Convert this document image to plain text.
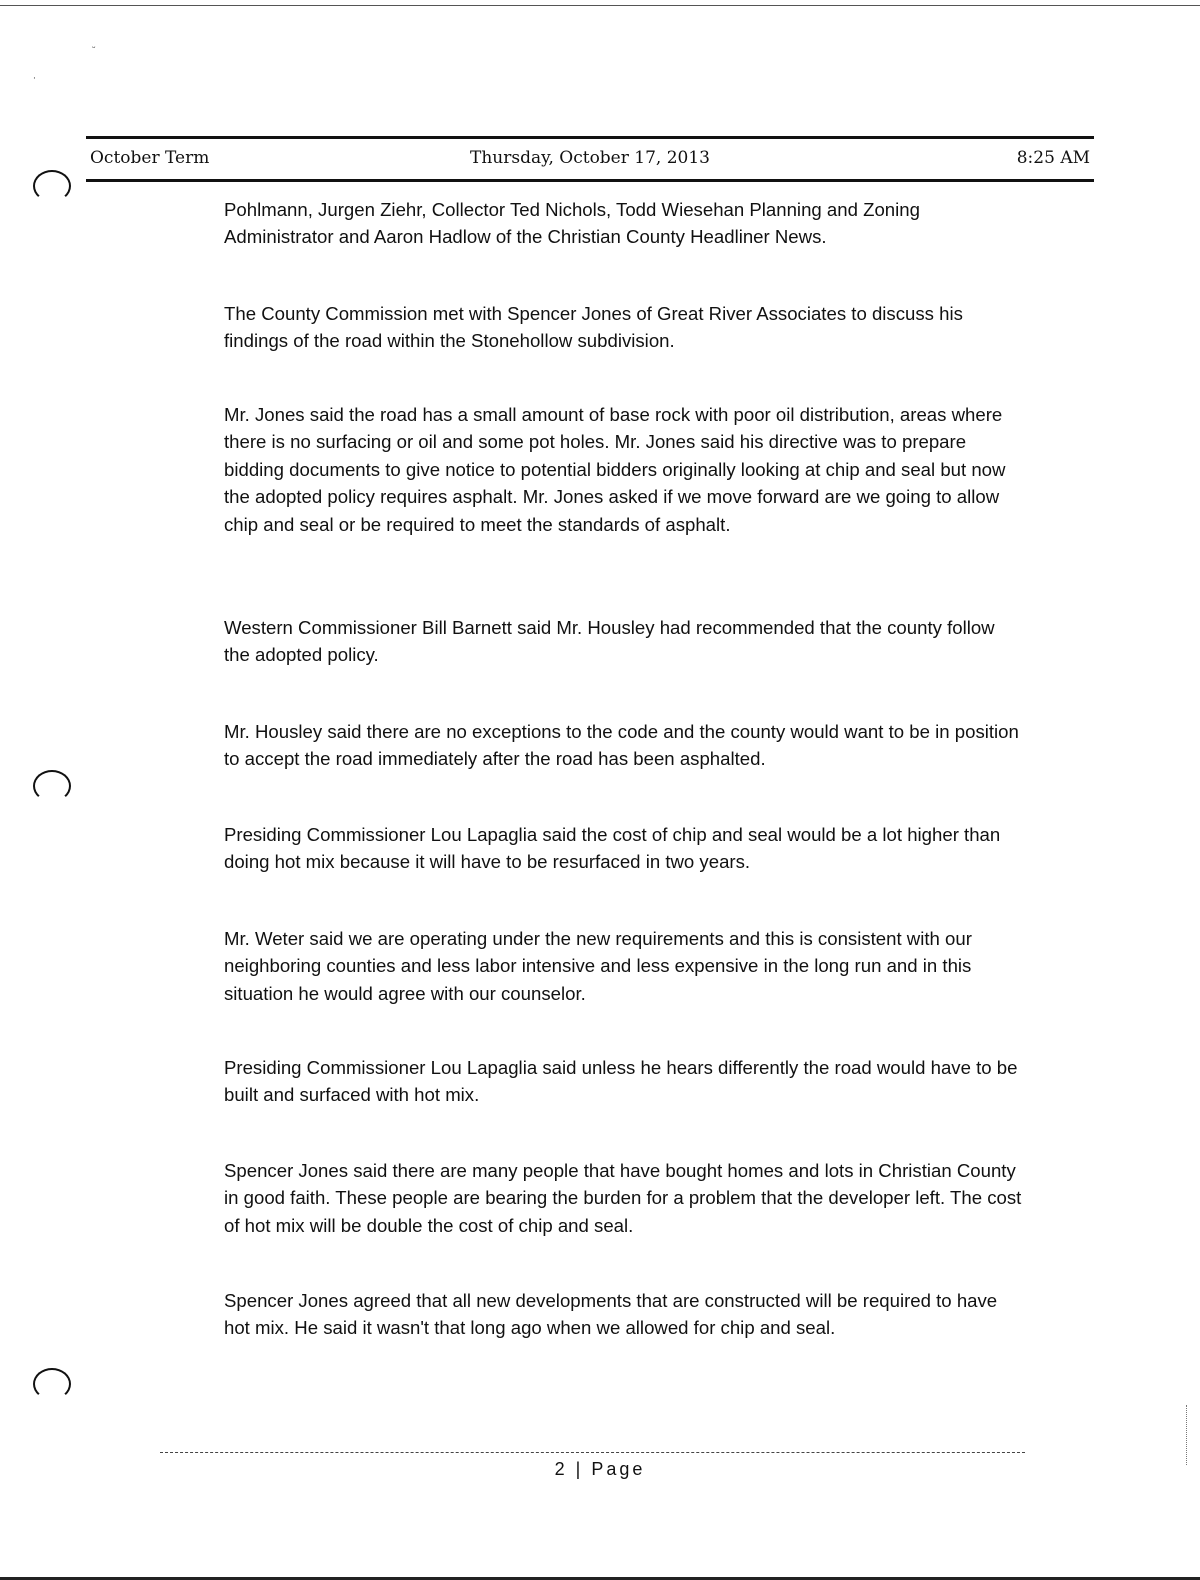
ᵕ
·
October Term	Thursday, October 17, 2013	8:25 AM

Pohlmann, Jurgen Ziehr, Collector Ted Nichols, Todd Wiesehan Planning and Zoning Administrator and Aaron Hadlow of the Christian County Headliner News.

The County Commission met with Spencer Jones of Great River Associates to discuss his findings of the road within the Stonehollow subdivision.

Mr. Jones said the road has a small amount of base rock with poor oil distribution, areas where there is no surfacing or oil and some pot holes. Mr. Jones said his directive was to prepare bidding documents to give notice to potential bidders originally looking at chip and seal but now the adopted policy requires asphalt. Mr. Jones asked if we move forward are we going to allow chip and seal or be required to meet the standards of asphalt.

Western Commissioner Bill Barnett said Mr. Housley had recommended that the county follow the adopted policy.

Mr. Housley said there are no exceptions to the code and the county would want to be in position to accept the road immediately after the road has been asphalted.

Presiding Commissioner Lou Lapaglia said the cost of chip and seal would be a lot higher than doing hot mix because it will have to be resurfaced in two years.

Mr. Weter said we are operating under the new requirements and this is consistent with our neighboring counties and less labor intensive and less expensive in the long run and in this situation he would agree with our counselor.

Presiding Commissioner Lou Lapaglia said unless he hears differently the road would have to be built and surfaced with hot mix.

Spencer Jones said there are many people that have bought homes and lots in Christian County in good faith. These people are bearing the burden for a problem that the developer left. The cost of hot mix will be double the cost of chip and seal.

Spencer Jones agreed that all new developments that are constructed will be required to have hot mix. He said it wasn't that long ago when we allowed for chip and seal.

2 | Page
